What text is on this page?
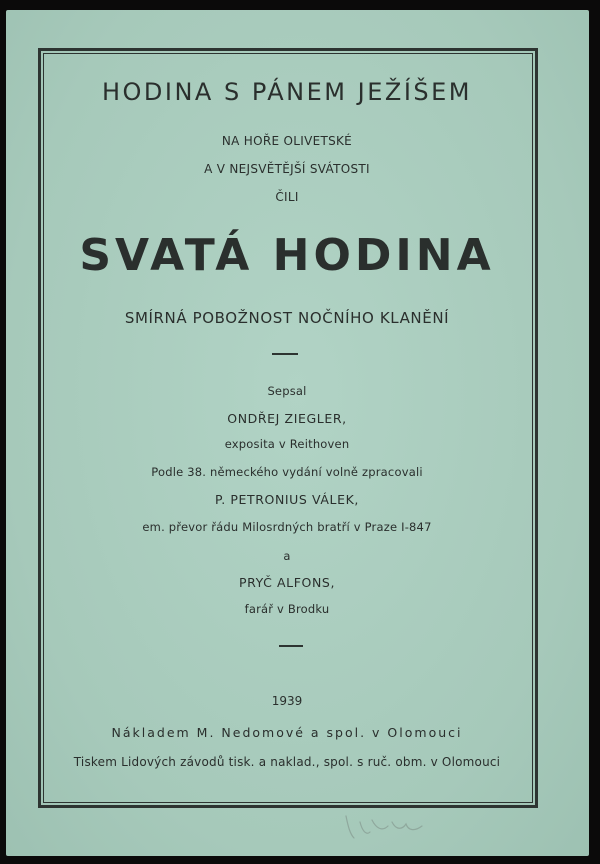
HODINA S PÁNEM JEŽÍŠEM
NA HOŘE OLIVETSKÉ
A V NEJSVĚTĚJŠÍ SVÁTOSTI
ČILI
SVATÁ HODINA
SMÍRNÁ POBOŽNOST NOČNÍHO KLANĚNÍ
Sepsal
ONDŘEJ ZIEGLER,
exposita v Reithoven
Podle 38. německého vydání volně zpracovali
P. PETRONIUS VÁLEK,
em. převor řádu Milosrdných bratří v Praze I-847
a
PRYČ ALFONS,
farář v Brodku
1939
Nákladem M. Nedomové a spol. v Olomouci
Tiskem Lidových závodů tisk. a naklad., spol. s ruč. obm. v Olomouci
